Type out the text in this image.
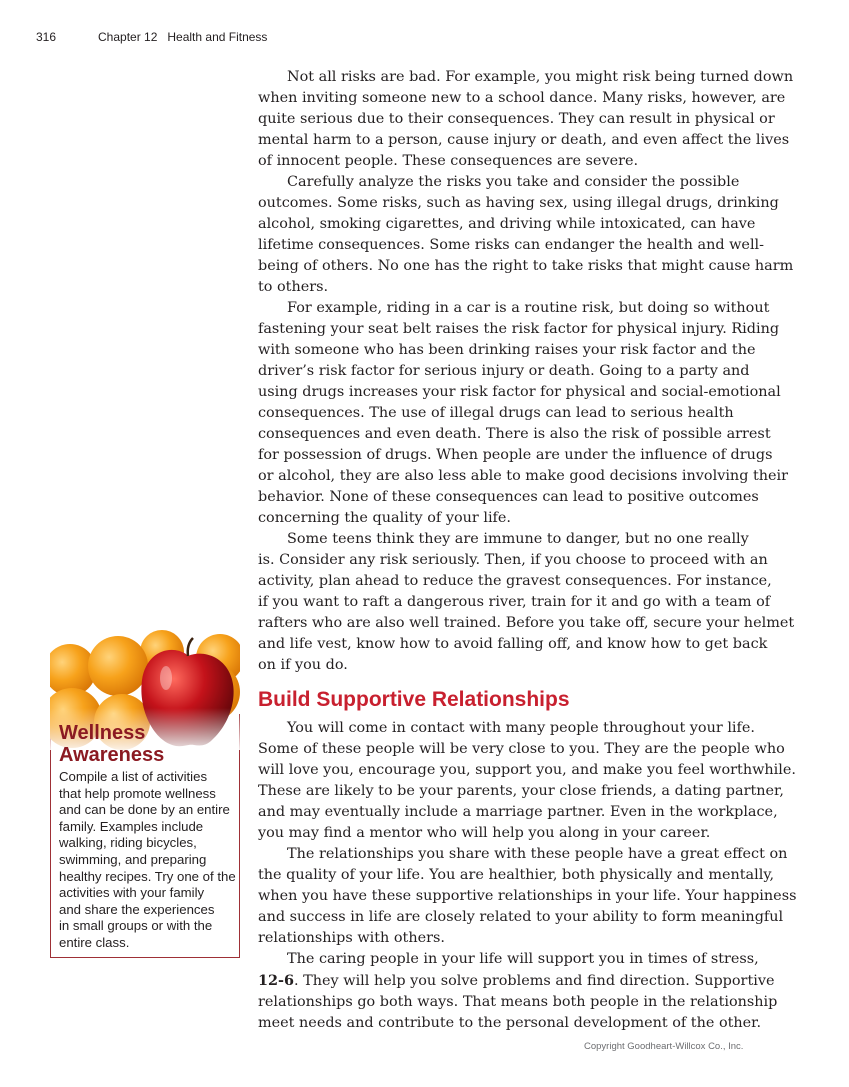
316	Chapter 12   Health and Fitness

Not all risks are bad. For example, you might risk being turned down
when inviting someone new to a school dance. Many risks, however, are
quite serious due to their consequences. They can result in physical or
mental harm to a person, cause injury or death, and even affect the lives
of innocent people. These consequences are severe.

Carefully analyze the risks you take and consider the possible
outcomes. Some risks, such as having sex, using illegal drugs, drinking
alcohol, smoking cigarettes, and driving while intoxicated, can have
lifetime consequences. Some risks can endanger the health and well-
being of others. No one has the right to take risks that might cause harm
to others.

For example, riding in a car is a routine risk, but doing so without
fastening your seat belt raises the risk factor for physical injury. Riding
with someone who has been drinking raises your risk factor and the
driver’s risk factor for serious injury or death. Going to a party and
using drugs increases your risk factor for physical and social-emotional
consequences. The use of illegal drugs can lead to serious health
consequences and even death. There is also the risk of possible arrest
for possession of drugs. When people are under the influence of drugs
or alcohol, they are also less able to make good decisions involving their
behavior. None of these consequences can lead to positive outcomes
concerning the quality of your life.

Some teens think they are immune to danger, but no one really
is. Consider any risk seriously. Then, if you choose to proceed with an
activity, plan ahead to reduce the gravest consequences. For instance,
if you want to raft a dangerous river, train for it and go with a team of
rafters who are also well trained. Before you take off, secure your helmet
and life vest, know how to avoid falling off, and know how to get back
on if you do.

Build Supportive Relationships

You will come in contact with many people throughout your life.
Some of these people will be very close to you. They are the people who
will love you, encourage you, support you, and make you feel worthwhile.
These are likely to be your parents, your close friends, a dating partner,
and may eventually include a marriage partner. Even in the workplace,
you may find a mentor who will help you along in your career.

The relationships you share with these people have a great effect on
the quality of your life. You are healthier, both physically and mentally,
when you have these supportive relationships in your life. Your happiness
and success in life are closely related to your ability to form meaningful
relationships with others.

The caring people in your life will support you in times of stress,
12-6. They will help you solve problems and find direction. Supportive
relationships go both ways. That means both people in the relationship
meet needs and contribute to the personal development of the other.

Wellness
Awareness
Compile a list of activities
that help promote wellness
and can be done by an entire
family. Examples include
walking, riding bicycles,
swimming, and preparing
healthy recipes. Try one of the
activities with your family
and share the experiences
in small groups or with the
entire class.
Copyright Goodheart-Willcox Co., Inc.
